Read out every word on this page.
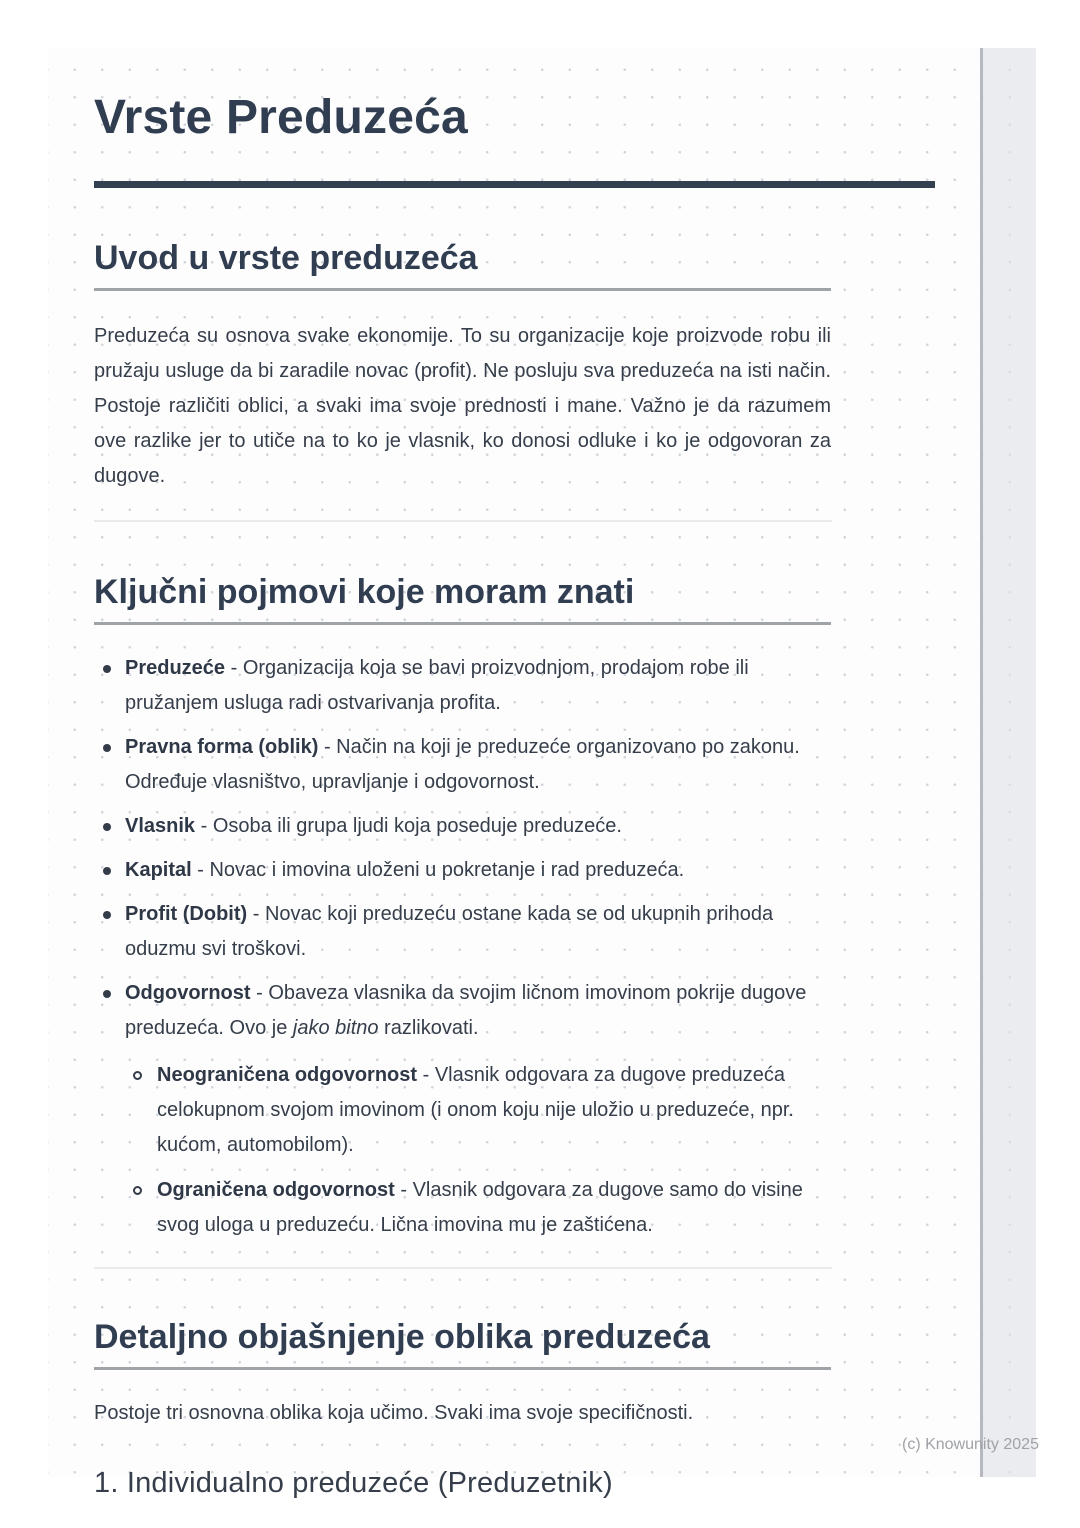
Vrste Preduzeća
Uvod u vrste preduzeća

Preduzeća su osnova svake ekonomije. To su organizacije koje proizvode robu ili pružaju usluge da bi zaradile novac (profit). Ne posluju sva preduzeća na isti način. Postoje različiti oblici, a svaki ima svoje prednosti i mane. Važno je da razumem ove razlike jer to utiče na to ko je vlasnik, ko donosi odluke i ko je odgovoran za dugove.

Ključni pojmovi koje moram znati
Preduzeće - Organizacija koja se bavi proizvodnjom, prodajom robe ili pružanjem usluga radi ostvarivanja profita.
Pravna forma (oblik) - Način na koji je preduzeće organizovano po zakonu. Određuje vlasništvo, upravljanje i odgovornost.
Vlasnik - Osoba ili grupa ljudi koja poseduje preduzeće.
Kapital - Novac i imovina uloženi u pokretanje i rad preduzeća.
Profit (Dobit) - Novac koji preduzeću ostane kada se od ukupnih prihoda oduzmu svi troškovi.
Odgovornost - Obaveza vlasnika da svojim ličnom imovinom pokrije dugove preduzeća. Ovo je jako bitno razlikovati.
Neograničena odgovornost - Vlasnik odgovara za dugove preduzeća celokupnom svojom imovinom (i onom koju nije uložio u preduzeće, npr. kućom, automobilom).
Ograničena odgovornost - Vlasnik odgovara za dugove samo do visine svog uloga u preduzeću. Lična imovina mu je zaštićena.
Detaljno objašnjenje oblika preduzeća

Postoje tri osnovna oblika koja učimo. Svaki ima svoje specifičnosti.

1. Individualno preduzeće (Preduzetnik)
(c) Knowunity 2025
